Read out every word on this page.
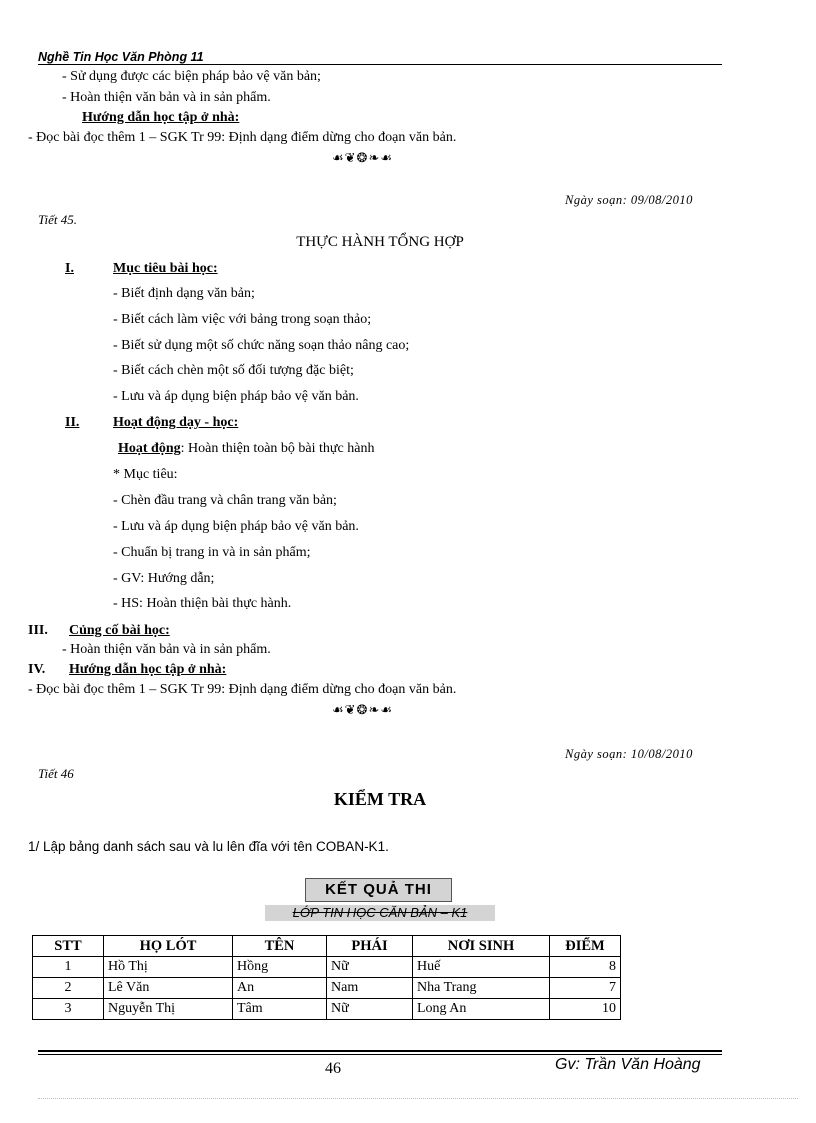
Nghề Tin Học Văn Phòng 11
- Sử dụng được các biện pháp bảo vệ văn bản;
- Hoàn thiện văn bản và in sản phẩm.
Hướng dẫn học tập ở nhà:
- Đọc bài đọc thêm 1 – SGK Tr 99: Định dạng điểm dừng cho đoạn văn bản.
☙❦❂❧☙
Ngày soạn: 09/08/2010
Tiết 45.
THỰC HÀNH TỔNG HỢP
I.	Mục tiêu bài học:
- Biết định dạng văn bản;
- Biết cách làm việc với bảng trong soạn thảo;
- Biết sử dụng một số chức năng soạn thảo nâng cao;
- Biết cách chèn một số đối tượng đặc biệt;
- Lưu và áp dụng biện pháp bảo vệ văn bản.
II. Hoạt động dạy - học:
Hoạt động: Hoàn thiện toàn bộ bài thực hành
* Mục tiêu:
- Chèn đầu trang và chân trang văn bản;
- Lưu và áp dụng biện pháp bảo vệ văn bản.
- Chuẩn bị trang in và in sản phẩm;
- GV: Hướng dẫn;
- HS: Hoàn thiện bài thực hành.
III. Củng cố bài học:
- Hoàn thiện văn bản và in sản phẩm.
IV. Hướng dẫn học tập ở nhà:
- Đọc bài đọc thêm 1 – SGK Tr 99: Định dạng điểm dừng cho đoạn văn bản.
☙❦❂❧☙
Ngày soạn: 10/08/2010
Tiết 46
KIỂM TRA
1/ Lập bảng danh sách sau và lu lên đĩa với tên COBAN-K1.
KẾT QUẢ THI
LỚP TIN HỌC CĂN BẢN – K1
STT	HỌ LÓT	TÊN	PHÁI	NƠI SINH	ĐIỂM
1	Hồ Thị	Hồng	Nữ	Huế	8
2	Lê Văn	An	Nam	Nha Trang	7
3	Nguyễn Thị	Tâm	Nữ	Long An	10
46	Gv: Trần Văn Hoàng
